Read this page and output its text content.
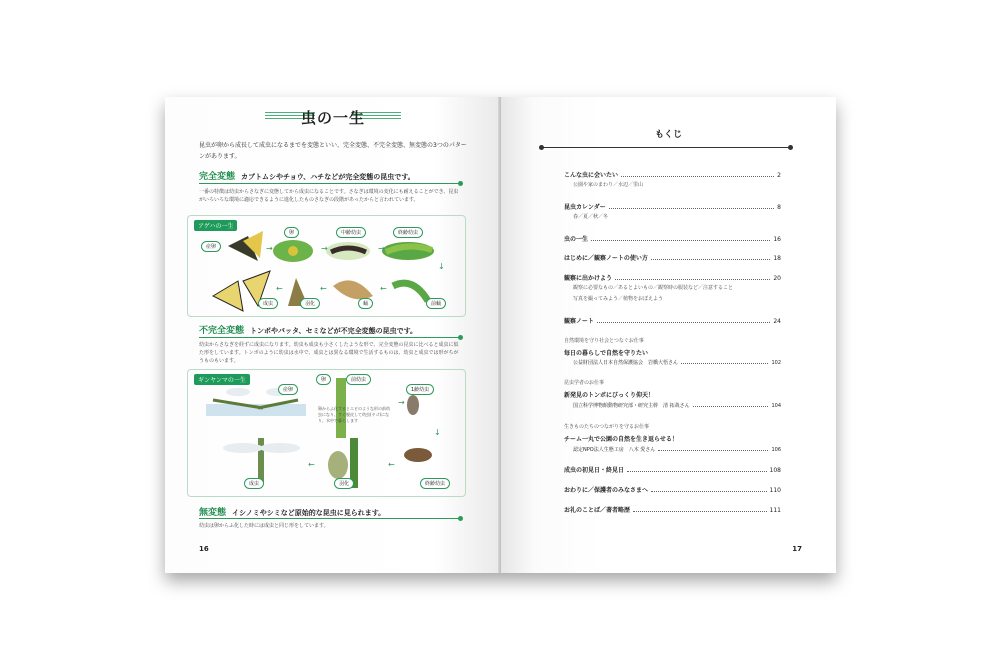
虫の一生
昆虫が卵から成長して成虫になるまでを変態といい、完全変態、不完全変態、無変態の3つのパターンがあります。
完全変態 カブトムシやチョウ、ハチなどが完全変態の昆虫です。
一番の特徴は幼虫からさなぎに変態してから成虫になることです。さなぎは環境の変化にも耐えることができ、昆虫がいろいろな環境に適応できるように進化したものさなぎの段階があったからと言われています。
アゲハの一生
産卵
卵	中齢幼虫	終齢幼虫
前蛹
蛹
羽化
成虫
→	→	→
↓
←
←
←
不完全変態 トンボやバッタ、セミなどが不完全変態の昆虫です。
幼虫からさなぎを経ずに成虫になります。幼虫も成虫も小さくしたような形で、完全変態の昆虫に比べると成虫に似た形をしています。トンボのように幼虫は水中で、成虫とは異なる環境で生活するものは、幼虫と成虫では形がちがうものもいます。
ギンヤンマの一生
産卵
卵	前幼虫
1齢幼虫
終齢幼虫
羽化
成虫
卵からふ化するとエビのような形の前幼虫になり、すぐ脱皮して幼虫(ヤゴ)になり、水中で暮らします
→
↓
←
←
無変態 イシノミやシミなど原始的な昆虫に見られます。
幼虫は卵からふ化した時には成虫と同じ形をしています。
16
もくじ
こんな虫に会いたい	2
公園や家のまわり／水辺／里山
昆虫カレンダー	8
春／夏／秋／冬
虫の一生	16
はじめに／観察ノートの使い方	18
観察に出かけよう	20
観察に必要なもの／あるとよいもの／観察時の服装など／注意すること
写真を撮ってみよう／植物をおぼえよう
観察ノート	24
自然環境を守り社会とつなぐお仕事
毎日の暮らしで自然を守りたい
公益財団法人日本自然保護協会　岩橋大悟さん	102
昆虫学者のお仕事
新発見のトンボにびっくり仰天！
国立科学博物館動物研究部・研究主幹　清 拓哉さん	104
生きものたちのつながりを守るお仕事
チーム一丸で公園の自然を生き返らせる！
認定NPO法人生態工房　八木 愛さん	106
成虫の初見日・終見日	108
おわりに／保護者のみなさまへ	110
お礼のことば／著者略歴	111
17
